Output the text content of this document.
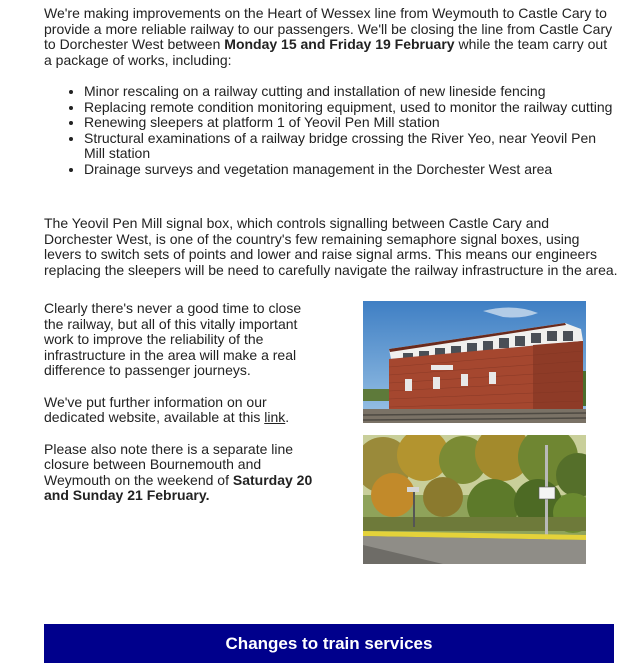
We're making improvements on the Heart of Wessex line from Weymouth to Castle Cary to provide a more reliable railway to our passengers. We'll be closing the line from Castle Cary to Dorchester West between Monday 15 and Friday 19 February while the team carry out a package of works, including:

• Minor rescaling on a railway cutting and installation of new lineside fencing
• Replacing remote condition monitoring equipment, used to monitor the railway cutting
• Renewing sleepers at platform 1 of Yeovil Pen Mill station
• Structural examinations of a railway bridge crossing the River Yeo, near Yeovil Pen Mill station
• Drainage surveys and vegetation management in the Dorchester West area

The Yeovil Pen Mill signal box, which controls signalling between Castle Cary and Dorchester West, is one of the country's few remaining semaphore signal boxes, using levers to switch sets of points and lower and raise signal arms. This means our engineers replacing the sleepers will be need to carefully navigate the railway infrastructure in the area.

Clearly there's never a good time to close the railway, but all of this vitally important work to improve the reliability of the infrastructure in the area will make a real difference to passenger journeys.

We've put further information on our dedicated website, available at this link.

Please also note there is a separate line closure between Bournemouth and Weymouth on the weekend of Saturday 20 and Sunday 21 February.

Changes to train services
